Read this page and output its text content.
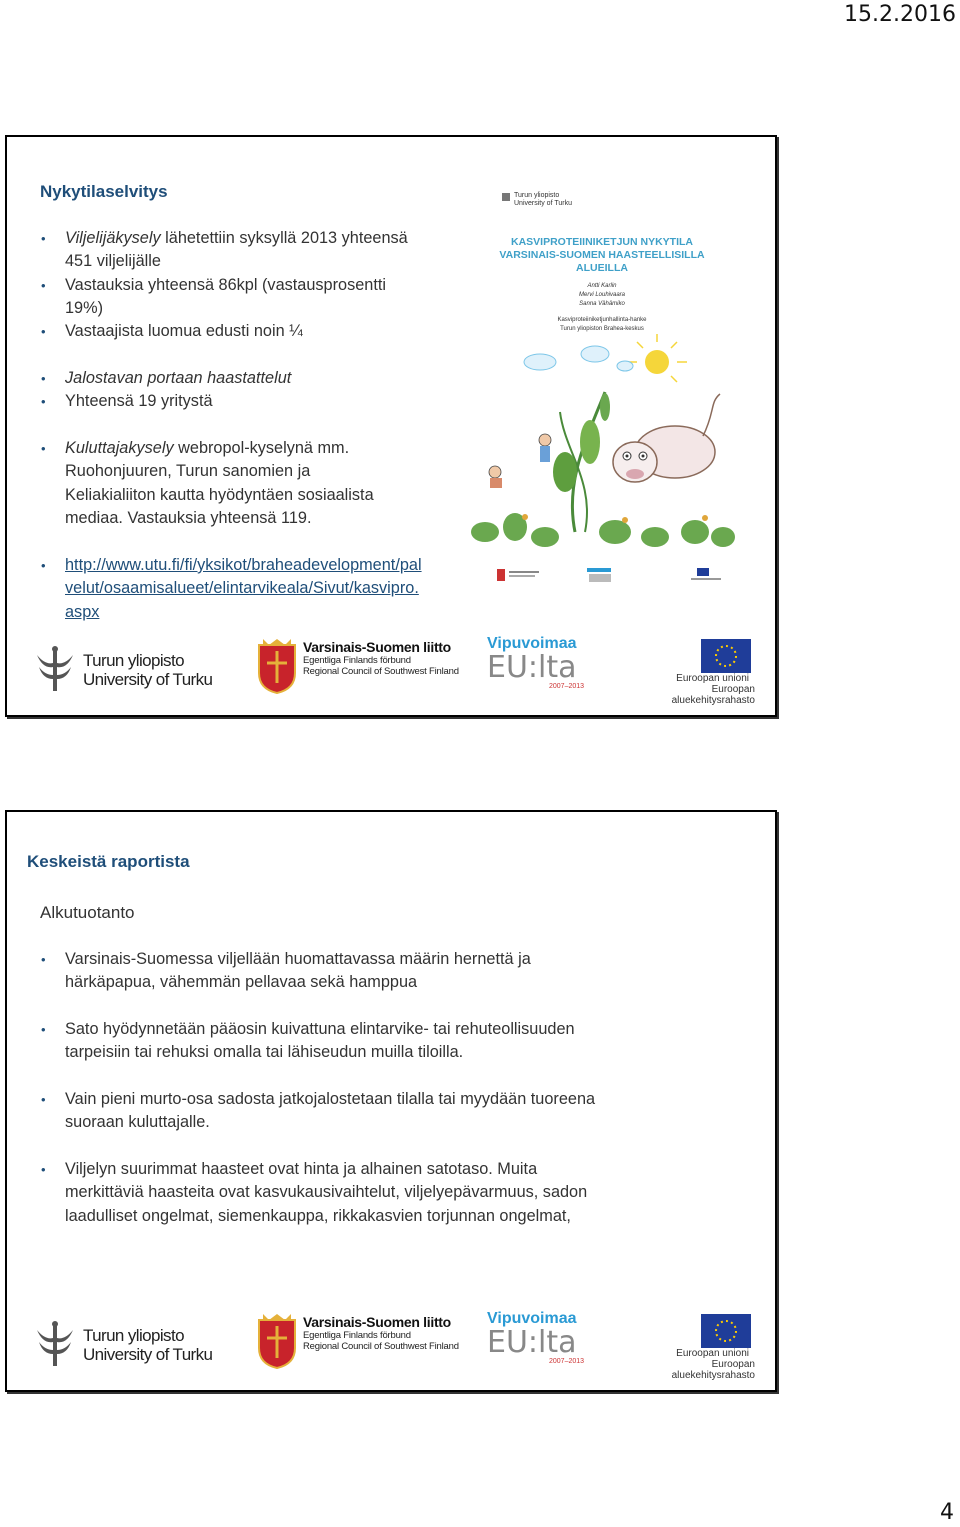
15.2.2016
Nykytilaselvitys
• Viljelijäkysely lähetettiin syksyllä 2013 yhteensä 451 viljelijälle
• Vastauksia yhteensä 86kpl (vastausprosentti 19%)
• Vastaajista luomua edusti noin ¼
• Jalostavan portaan haastattelut
• Yhteensä 19 yritystä
• Kuluttajakysely webropol-kyselynä mm. Ruohonjuuren, Turun sanomien ja Keliakialiiton kautta hyödyntäen sosiaalista mediaa. Vastauksia yhteensä 119.
• http://www.utu.fi/fi/yksikot/braheadevelopment/palvelut/osaamisalueet/elintarvikeala/Sivut/kasvipro.aspx
Turun yliopisto
University of Turku
KASVIPROTEIINIKETJUN NYKYTILA
VARSINAIS-SUOMEN HAASTEELLISILLA
ALUEILLA
Antti Karlin
Mervi Louhivaara
Sanna Vähämiko
Kasviproteiiniketjunhallinta-hanke
Turun yliopiston Brahea-keskus
Turun yliopisto
University of Turku
Varsinais-Suomen liitto
Egentliga Finlands förbund
Regional Council of Southwest Finland
Vipuvoimaa
EU:lta
2007–2013
Euroopan unioni
Euroopan aluekehitysrahasto
Keskeistä raportista
Alkutuotanto
• Varsinais-Suomessa viljellään huomattavassa määrin hernettä ja härkäpapua, vähemmän pellavaa sekä hamppua
• Sato hyödynnetään pääosin kuivattuna elintarvike- tai rehuteollisuuden tarpeisiin tai rehuksi omalla tai lähiseudun muilla tiloilla.
• Vain pieni murto-osa sadosta jatkojalostetaan tilalla tai myydään tuoreena suoraan kuluttajalle.
• Viljelyn suurimmat haasteet ovat hinta ja alhainen satotaso. Muita merkittäviä haasteita ovat kasvukausivaihtelut, viljelyepävarmuus, sadon laadulliset ongelmat, siemenkauppa, rikkakasvien torjunnan ongelmat,
Turun yliopisto
University of Turku
Varsinais-Suomen liitto
Egentliga Finlands förbund
Regional Council of Southwest Finland
Vipuvoimaa
EU:lta
2007–2013
Euroopan unioni
Euroopan aluekehitysrahasto
4
